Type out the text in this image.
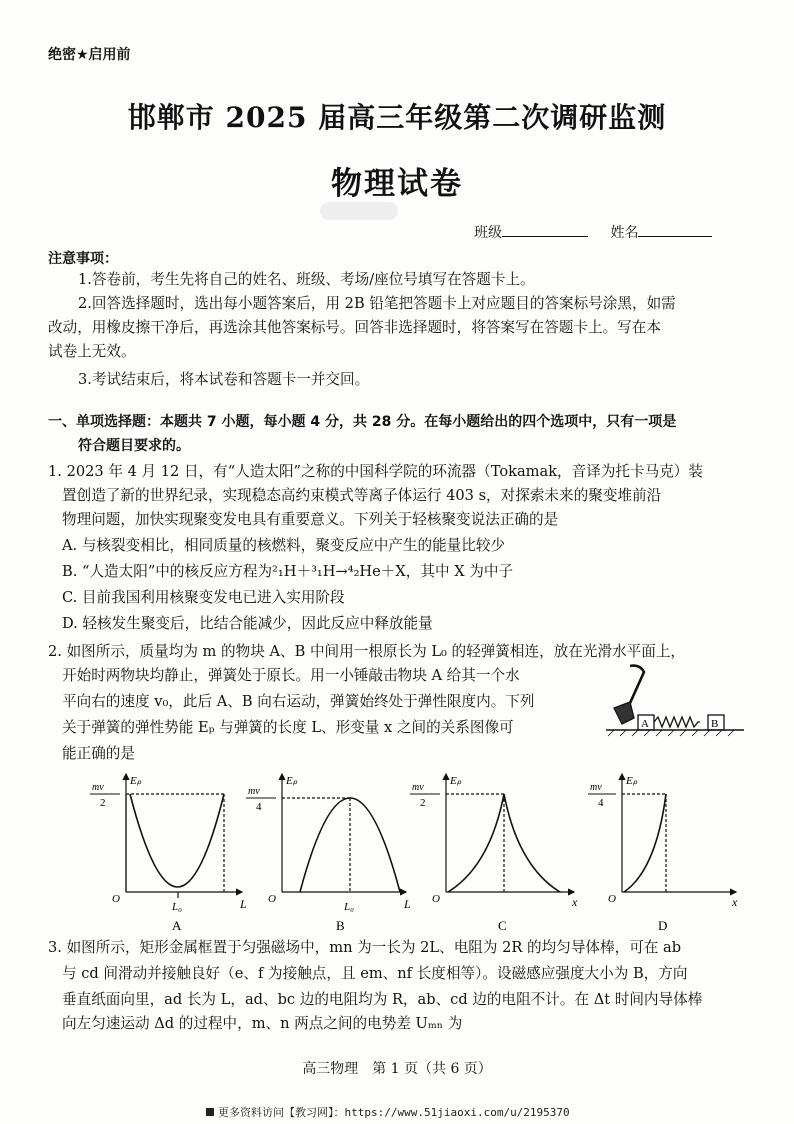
绝密★启用前
邯郸市 2025 届高三年级第二次调研监测
物理试卷
班级	姓名
注意事项：
1.答卷前，考生先将自己的姓名、班级、考场/座位号填写在答题卡上。
2.回答选择题时，选出每小题答案后，用 2B 铅笔把答题卡上对应题目的答案标号涂黑，如需
改动，用橡皮擦干净后，再选涂其他答案标号。回答非选择题时，将答案写在答题卡上。写在本
试卷上无效。
3.考试结束后，将本试卷和答题卡一并交回。
一、单项选择题：本题共 7 小题，每小题 4 分，共 28 分。在每小题给出的四个选项中，只有一项是
符合题目要求的。
1. 2023 年 4 月 12 日，有“人造太阳”之称的中国科学院的环流器（Tokamak，音译为托卡马克）装
置创造了新的世界纪录，实现稳态高约束模式等离子体运行 403 s，对探索未来的聚变堆前沿
物理问题，加快实现聚变发电具有重要意义。下列关于轻核聚变说法正确的是
A. 与核裂变相比，相同质量的核燃料，聚变反应中产生的能量比较少
B. “人造太阳”中的核反应方程为²₁H＋³₁H→⁴₂He＋X，其中 X 为中子
C. 目前我国利用核聚变发电已进入实用阶段
D. 轻核发生聚变后，比结合能减少，因此反应中释放能量
2. 如图所示，质量均为 m 的物块 A、B 中间用一根原长为 L₀ 的轻弹簧相连，放在光滑水平面上，
开始时两物块均静止，弹簧处于原长。用一小锤敲击物块 A 给其一个水
平向右的速度 v₀，此后 A、B 向右运动，弹簧始终处于弹性限度内。下列
关于弹簧的弹性势能 Eₚ 与弹簧的长度 L、形变量 x 之间的关系图像可
能正确的是
A	B
Eₚ
mv
2
O
L₀	L
A
Eₚ
mv
4
O
L₀	L
B
Eₚ
mv
2
O	x
C
Eₚ
mv
4
O	x
D
3. 如图所示，矩形金属框置于匀强磁场中，mn 为一长为 2L、电阻为 2R 的均匀导体棒，可在 ab
与 cd 间滑动并接触良好（e、f 为接触点，且 em、nf 长度相等）。设磁感应强度大小为 B，方向
垂直纸面向里，ad 长为 L，ad、bc 边的电阻均为 R，ab、cd 边的电阻不计。在 Δt 时间内导体棒
向左匀速运动 Δd 的过程中，m、n 两点之间的电势差 Uₘₙ 为
高三物理　第 1 页（共 6 页）
更多资料访问【教习网】：https://www.51jiaoxi.com/u/2195370
